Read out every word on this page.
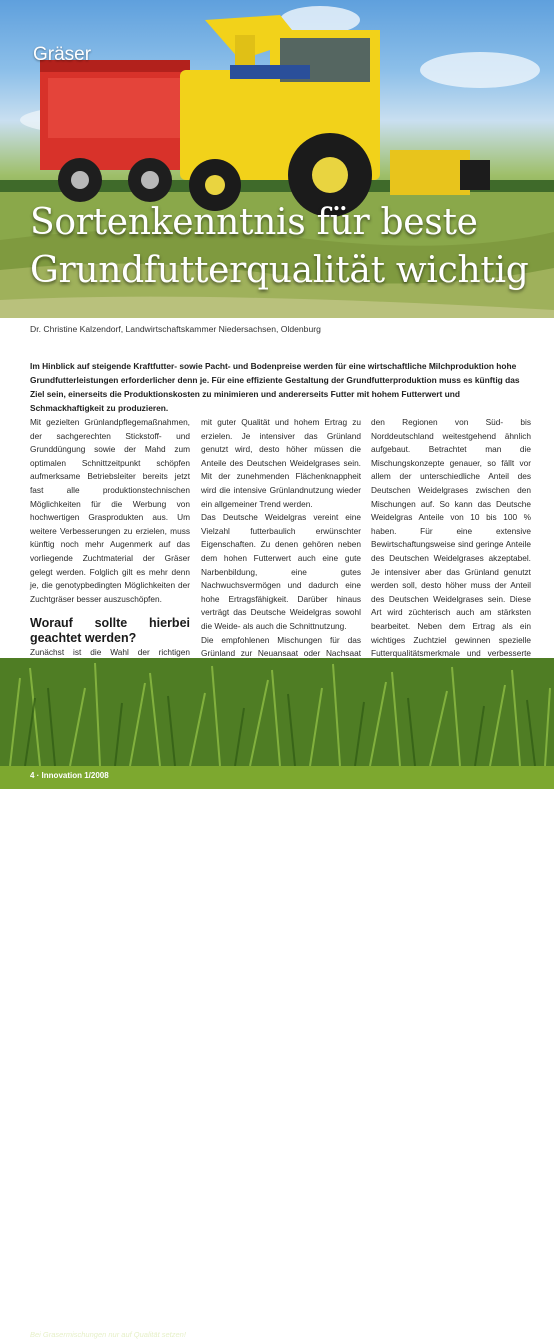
Gräser
Sortenkenntnis für beste
Grundfutterqualität wichtig
Dr. Christine Kalzendorf, Landwirtschaftskammer Niedersachsen, Oldenburg

Im Hinblick auf steigende Kraftfutter- sowie Pacht- und Bodenpreise werden für eine wirtschaftliche Milchproduktion hohe Grundfutterleistungen erforderlicher denn je. Für eine effiziente Gestaltung der Grundfutterproduktion muss es künftig das Ziel sein, einerseits die Produktionskosten zu minimieren und andererseits Futter mit hohem Futterwert und Schmackhaftigkeit zu produzieren.

Mit gezielten Grünlandpflegemaßnahmen, der sachgerechten Stickstoff- und Grunddüngung sowie der Mahd zum optimalen Schnittzeitpunkt schöpfen aufmerksame Betriebsleiter bereits jetzt fast alle produktionstechnischen Möglichkeiten für die Werbung von hochwertigen Grasprodukten aus. Um weitere Verbesserungen zu erzielen, muss künftig noch mehr Augenmerk auf das vorliegende Zuchtmaterial der Gräser gelegt werden. Folglich gilt es mehr denn je, die genotypbedingten Möglichkeiten der Zuchtgräser besser auszuschöpfen.

Worauf sollte hierbei geachtet werden?

Zunächst ist die Wahl der richtigen

mit guter Qualität und hohem Ertrag zu erzielen. Je intensiver das Grünland genutzt wird, desto höher müssen die Anteile des Deutschen Weidelgrases sein. Mit der zunehmenden Flächenknappheit wird die intensive Grünlandnutzung wieder ein allgemeiner Trend werden.

Das Deutsche Weidelgras vereint eine Vielzahl futterbaulich erwünschter Eigenschaften. Zu denen gehören neben dem hohen Futterwert auch eine gute Narbenbildung, eine gutes Nachwuchsvermögen und dadurch eine hohe Ertragsfähigkeit. Darüber hinaus verträgt das Deutsche Weidelgras sowohl die Weide- als auch die Schnittnutzung.

Die empfohlenen Mischungen für das Grünland zur Neuansaat oder Nachsaat

den Regionen von Süd- bis Norddeutschland weitestgehend ähnlich aufgebaut. Betrachtet man die Mischungskonzepte genauer, so fällt vor allem der unterschiedliche Anteil des Deutschen Weidelgrases zwischen den Mischungen auf. So kann das Deutsche Weidelgras Anteile von 10 bis 100 % haben. Für eine extensive Bewirtschaftungsweise sind geringe Anteile des Deutschen Weidelgrases akzeptabel. Je intensiver aber das Grünland genutzt werden soll, desto höher muss der Anteil des Deutschen Weidelgrases sein. Diese Art wird züchterisch auch am stärksten bearbeitet. Neben dem Ertrag als ein wichtiges Zuchtziel gewinnen spezielle Futterqualitätsmerkmale und verbesserte

Bei Grasermischungen nur auf Qualität setzen!
4 · Innovation 1/2008
